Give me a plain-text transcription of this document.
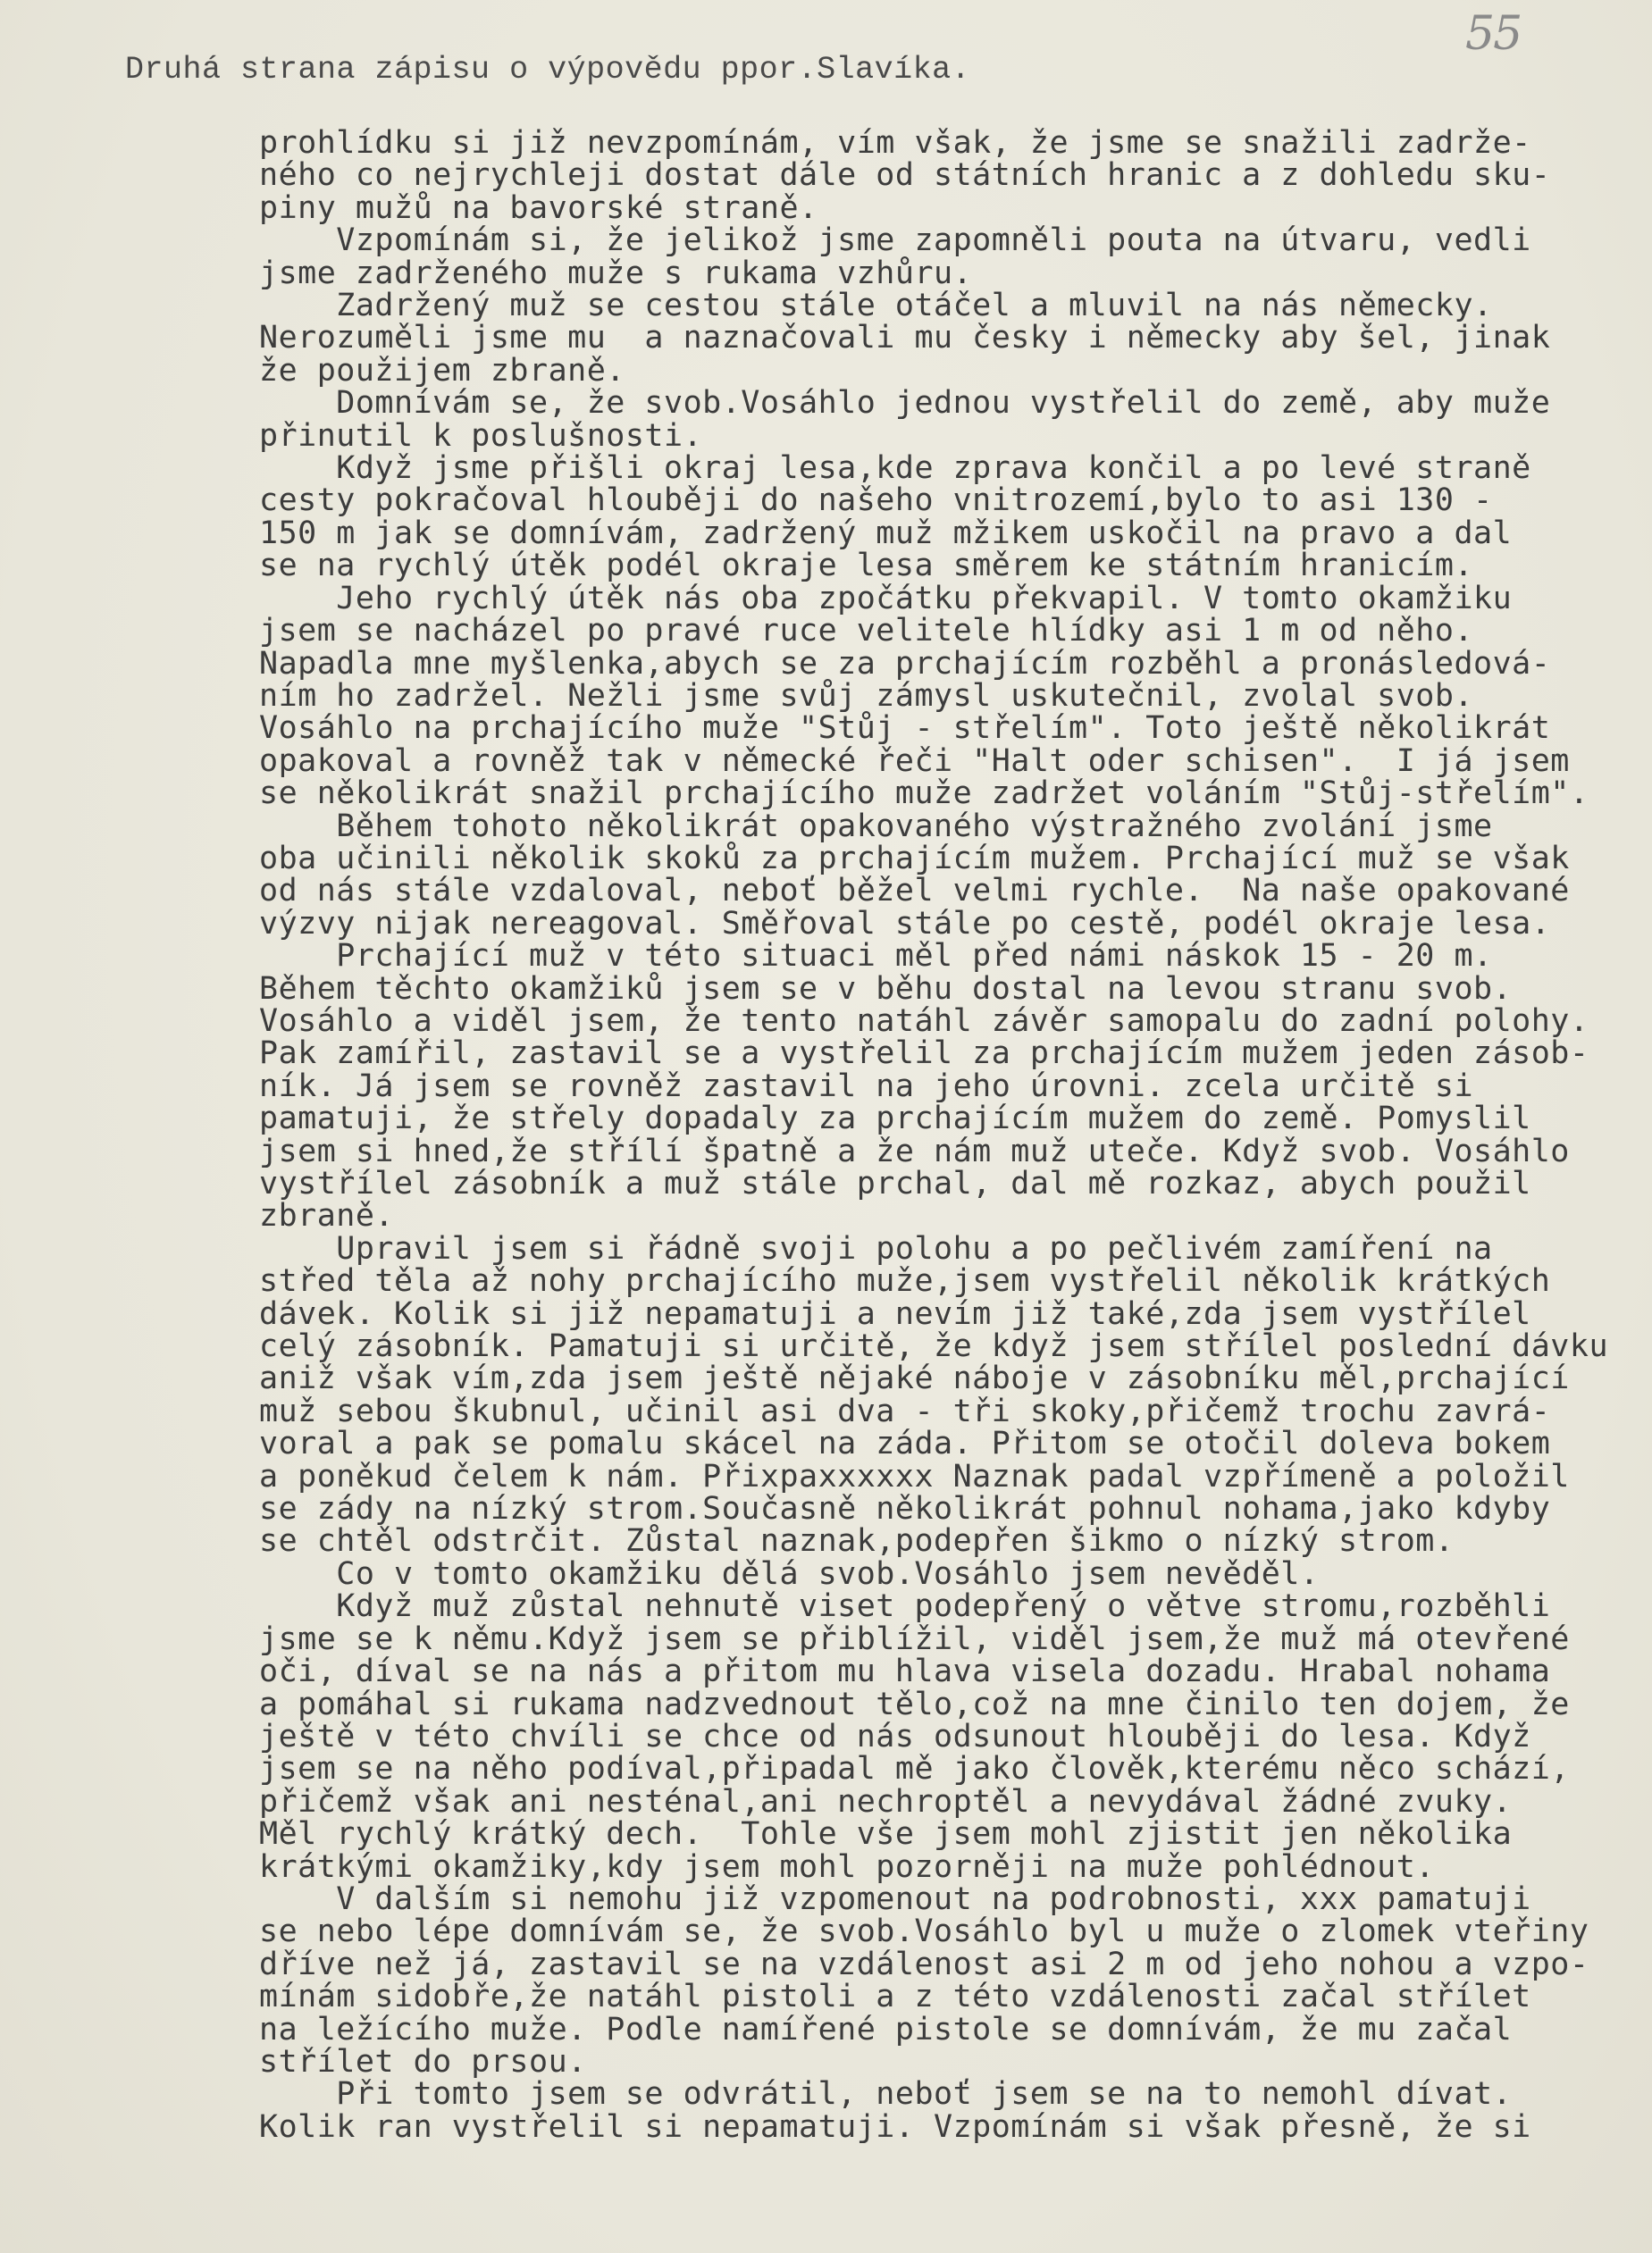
55
Druhá strana zápisu o výpovědu ppor.Slavíka.
prohlídku si již nevzpomínám, vím však, že jsme se snažili zadrže-
ného co nejrychleji dostat dále od státních hranic a z dohledu sku-
piny mužů na bavorské straně.
Vzpomínám si, že jelikož jsme zapomněli pouta na útvaru, vedli
jsme zadrženého muže s rukama vzhůru.
Zadržený muž se cestou stále otáčel a mluvil na nás německy.
Nerozuměli jsme mu  a naznačovali mu česky i německy aby šel, jinak
že použijem zbraně.
Domnívám se, že svob.Vosáhlo jednou vystřelil do země, aby muže
přinutil k poslušnosti.
Když jsme přišli okraj lesa,kde zprava končil a po levé straně
cesty pokračoval hlouběji do našeho vnitrozemí,bylo to asi 130 -
150 m jak se domnívám, zadržený muž mžikem uskočil na pravo a dal
se na rychlý útěk podél okraje lesa směrem ke státním hranicím.
Jeho rychlý útěk nás oba zpočátku překvapil. V tomto okamžiku
jsem se nacházel po pravé ruce velitele hlídky asi 1 m od něho.
Napadla mne myšlenka,abych se za prchajícím rozběhl a pronásledová-
ním ho zadržel. Nežli jsme svůj zámysl uskutečnil, zvolal svob.
Vosáhlo na prchajícího muže "Stůj - střelím". Toto ještě několikrát
opakoval a rovněž tak v německé řeči "Halt oder schisen".  I já jsem
se několikrát snažil prchajícího muže zadržet voláním "Stůj-střelím".
Během tohoto několikrát opakovaného výstražného zvolání jsme
oba učinili několik skoků za prchajícím mužem. Prchající muž se však
od nás stále vzdaloval, neboť běžel velmi rychle.  Na naše opakované
výzvy nijak nereagoval. Směřoval stále po cestě, podél okraje lesa.
Prchající muž v této situaci měl před námi náskok 15 - 20 m.
Během těchto okamžiků jsem se v běhu dostal na levou stranu svob.
Vosáhlo a viděl jsem, že tento natáhl závěr samopalu do zadní polohy.
Pak zamířil, zastavil se a vystřelil za prchajícím mužem jeden zásob-
ník. Já jsem se rovněž zastavil na jeho úrovni. zcela určitě si
pamatuji, že střely dopadaly za prchajícím mužem do země. Pomyslil
jsem si hned,že střílí špatně a že nám muž uteče. Když svob. Vosáhlo
vystřílel zásobník a muž stále prchal, dal mě rozkaz, abych použil
zbraně.
Upravil jsem si řádně svoji polohu a po pečlivém zamíření na
střed těla až nohy prchajícího muže,jsem vystřelil několik krátkých
dávek. Kolik si již nepamatuji a nevím již také,zda jsem vystřílel
celý zásobník. Pamatuji si určitě, že když jsem střílel poslední dávku
aniž však vím,zda jsem ještě nějaké náboje v zásobníku měl,prchající
muž sebou škubnul, učinil asi dva - tři skoky,přičemž trochu zavrá-
voral a pak se pomalu skácel na záda. Přitom se otočil doleva bokem
a poněkud čelem k nám. Přixpaxxxxxx Naznak padal vzpřímeně a položil
se zády na nízký strom.Současně několikrát pohnul nohama,jako kdyby
se chtěl odstrčit. Zůstal naznak,podepřen šikmo o nízký strom.
Co v tomto okamžiku dělá svob.Vosáhlo jsem nevěděl.
Když muž zůstal nehnutě viset podepřený o větve stromu,rozběhli
jsme se k němu.Když jsem se přiblížil, viděl jsem,že muž má otevřené
oči, díval se na nás a přitom mu hlava visela dozadu. Hrabal nohama
a pomáhal si rukama nadzvednout tělo,což na mne činilo ten dojem, že
ještě v této chvíli se chce od nás odsunout hlouběji do lesa. Když
jsem se na něho podíval,připadal mě jako člověk,kterému něco schází,
přičemž však ani nesténal,ani nechroptěl a nevydával žádné zvuky.
Měl rychlý krátký dech.  Tohle vše jsem mohl zjistit jen několika
krátkými okamžiky,kdy jsem mohl pozorněji na muže pohlédnout.
V dalším si nemohu již vzpomenout na podrobnosti, xxx pamatuji
se nebo lépe domnívám se, že svob.Vosáhlo byl u muže o zlomek vteřiny
dříve než já, zastavil se na vzdálenost asi 2 m od jeho nohou a vzpo-
mínám sidobře,že natáhl pistoli a z této vzdálenosti začal střílet
na ležícího muže. Podle namířené pistole se domnívám, že mu začal
střílet do prsou.
Při tomto jsem se odvrátil, neboť jsem se na to nemohl dívat.
Kolik ran vystřelil si nepamatuji. Vzpomínám si však přesně, že si
